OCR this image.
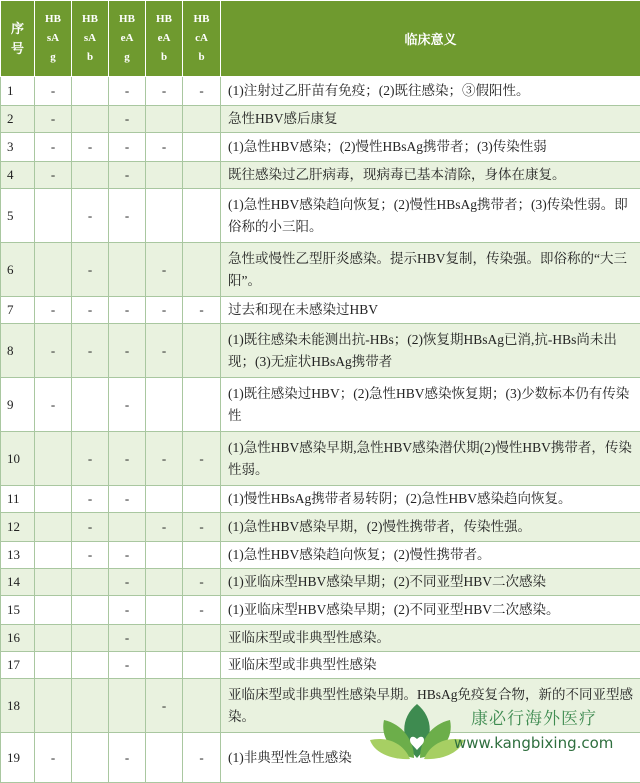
序
号	HB
sA
g	HB
sA
b	HB
eA
g	HB
eA
b	HB
cA
b	临床意义
1	-		-	-	-	(1)注射过乙肝苗有免疫；(2)既往感染；③假阳性。
2	-		-			急性HBV感后康复
3	-	-	-	-		(1)急性HBV感染；(2)慢性HBsAg携带者；(3)传染性弱
4	-		-			既往感染过乙肝病毒，现病毒已基本清除，身体在康复。
5		-	-			(1)急性HBV感染趋向恢复；(2)慢性HBsAg携带者；(3)传染性弱。即俗称的小三阳。
6		-		-		急性或慢性乙型肝炎感染。提示HBV复制，传染强。即俗称的“大三阳”。
7	-	-	-	-	-	过去和现在未感染过HBV
8	-	-	-	-		(1)既往感染未能测出抗-HBs；(2)恢复期HBsAg已消,抗-HBs尚未出现；(3)无症状HBsAg携带者
9	-		-			(1)既往感染过HBV；(2)急性HBV感染恢复期；(3)少数标本仍有传染性
10		-	-	-	-	(1)急性HBV感染早期,急性HBV感染潜伏期(2)慢性HBV携带者，传染性弱。
11		-	-			(1)慢性HBsAg携带者易转阴；(2)急性HBV感染趋向恢复。
12		-		-	-	(1)急性HBV感染早期，(2)慢性携带者，传染性强。
13		-	-			(1)急性HBV感染趋向恢复；(2)慢性携带者。
14			-		-	(1)亚临床型HBV感染早期；(2)不同亚型HBV二次感染
15			-		-	(1)亚临床型HBV感染早期；(2)不同亚型HBV二次感染。
16			-			亚临床型或非典型性感染。
17			-			亚临床型或非典型性感染
18				-		亚临床型或非典型性感染早期。HBsAg免疫复合物，新的不同亚型感染。
19	-		-		-	(1)非典型性急性感染
康必行海外医疗
www.kangbixing.com
